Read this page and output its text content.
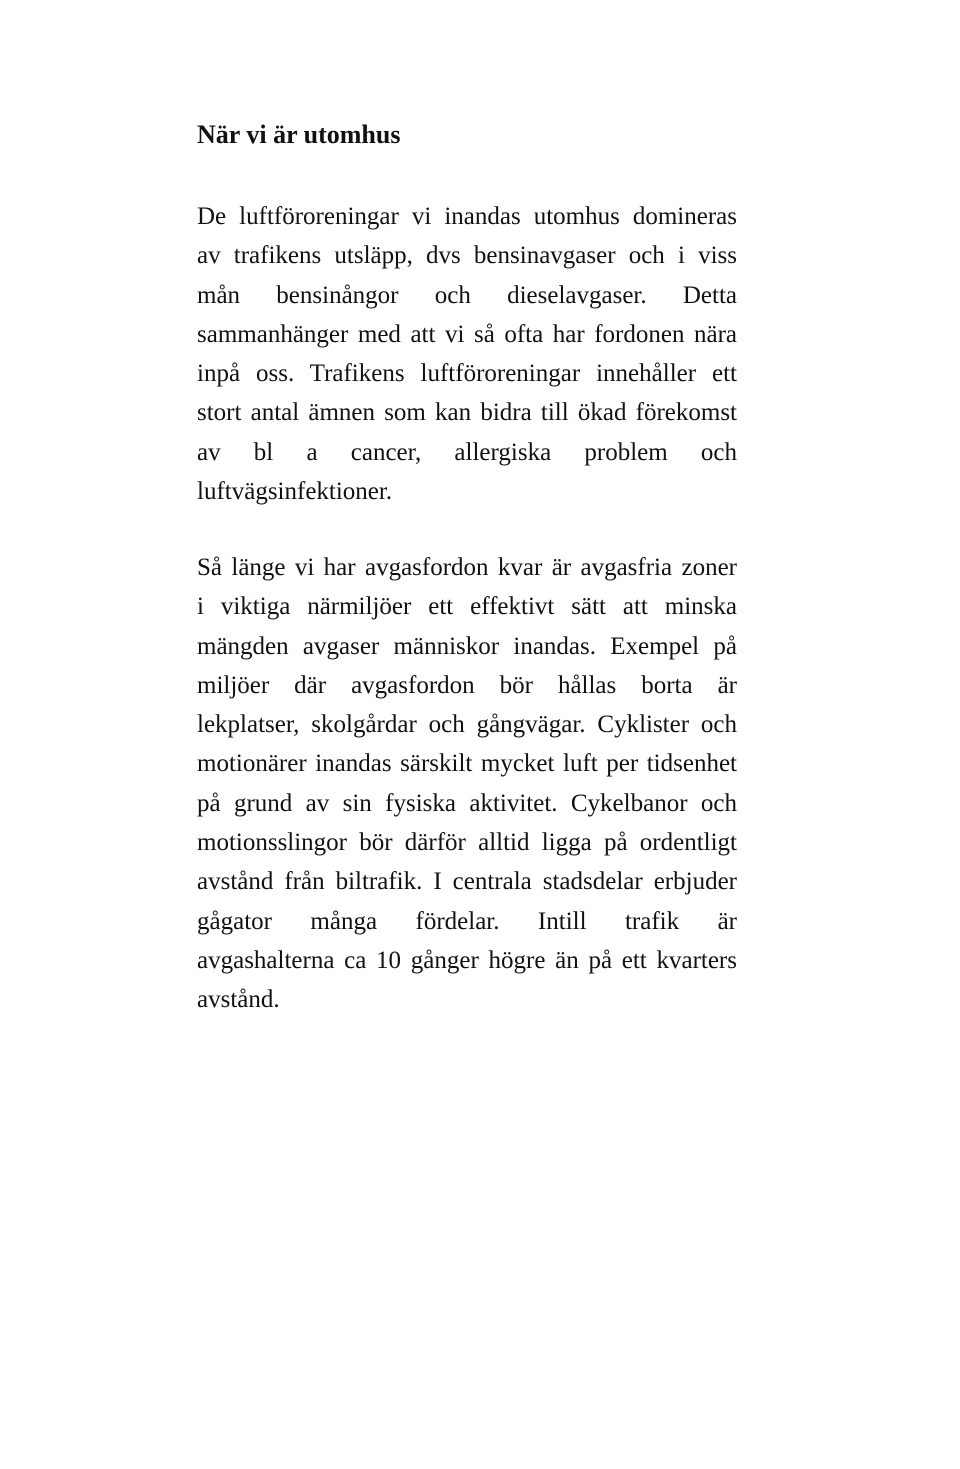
När vi är utomhus
De luftföroreningar vi inandas utomhus domineras
av trafikens utsläpp, dvs bensinavgaser och i viss
mån bensinångor och dieselavgaser. Detta
sammanhänger med att vi så ofta har fordonen nära
inpå oss. Trafikens luftföroreningar innehåller ett
stort antal ämnen som kan bidra till ökad förekomst
av bl a cancer, allergiska problem och
luftvägsinfektioner.
Så länge vi har avgasfordon kvar är avgasfria zoner
i viktiga närmiljöer ett effektivt sätt att minska
mängden avgaser människor inandas. Exempel på
miljöer där avgasfordon bör hållas borta är
lekplatser, skolgårdar och gångvägar. Cyklister och
motionärer inandas särskilt mycket luft per tidsenhet
på grund av sin fysiska aktivitet. Cykelbanor och
motionsslingor bör därför alltid ligga på ordentligt
avstånd från biltrafik. I centrala stadsdelar erbjuder
gågator många fördelar. Intill trafik är
avgashalterna ca 10 gånger högre än på ett kvarters
avstånd.
